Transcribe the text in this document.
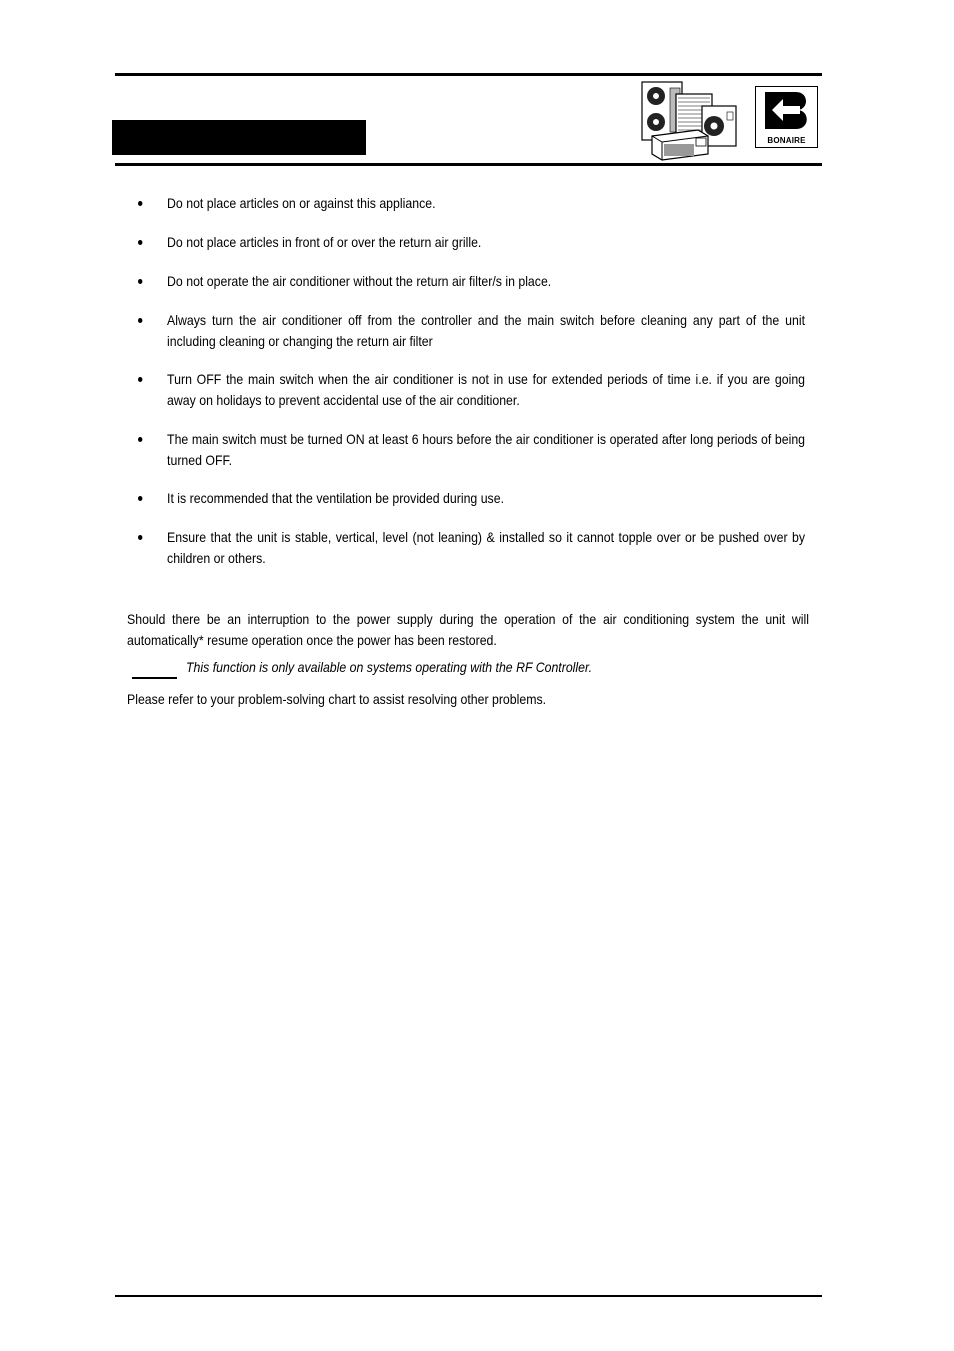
BONAIRE
Do not place articles on or against this appliance.
Do not place articles in front of or over the return air grille.
Do not operate the air conditioner without the return air filter/s in place.
Always turn the air conditioner off from the controller and the main switch before cleaning any part of the unit including cleaning or changing the return air filter
Turn OFF the main switch when the air conditioner is not in use for extended periods of time i.e. if you are going away on holidays to prevent accidental use of the air conditioner.
The main switch must be turned ON at least 6 hours before the air conditioner is operated after long periods of being turned OFF.
It is recommended that the ventilation be provided during use.
Ensure that the unit is stable, vertical, level (not leaning) & installed so it cannot topple over or be pushed over by children or others.
Should there be an interruption to the power supply during the operation of the air conditioning system the unit will automatically* resume operation once the power has been restored.
This function is only available on systems operating with the RF Controller.
Please refer to your problem-solving chart to assist resolving other problems.
